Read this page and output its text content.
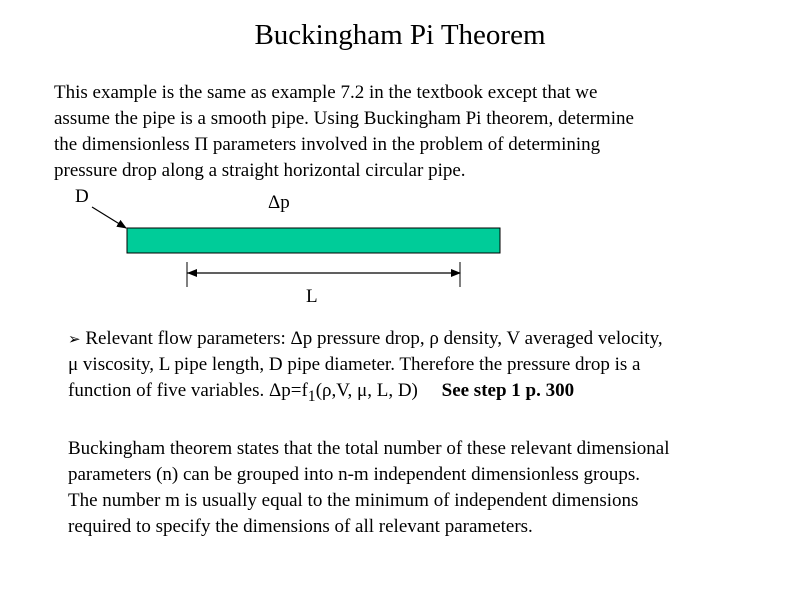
Buckingham Pi Theorem
This example is the same as example 7.2 in the textbook except that we
assume the pipe is a smooth pipe. Using Buckingham Pi theorem, determine
the dimensionless Π parameters involved in the problem of determining
pressure drop along a straight horizontal circular pipe.
D	Δp
L
➢ Relevant flow parameters: Δp pressure drop, ρ density, V averaged velocity,
μ viscosity, L pipe length, D pipe diameter. Therefore the pressure drop is a
function of five variables. $\Delta p=f_1(\rho,V$, μ, L, D) See step 1 p. 300
Buckingham theorem states that the total number of these relevant dimensional
parameters (n) can be grouped into n-m independent dimensionless groups.
The number m is usually equal to the minimum of independent dimensions
required to specify the dimensions of all relevant parameters.
